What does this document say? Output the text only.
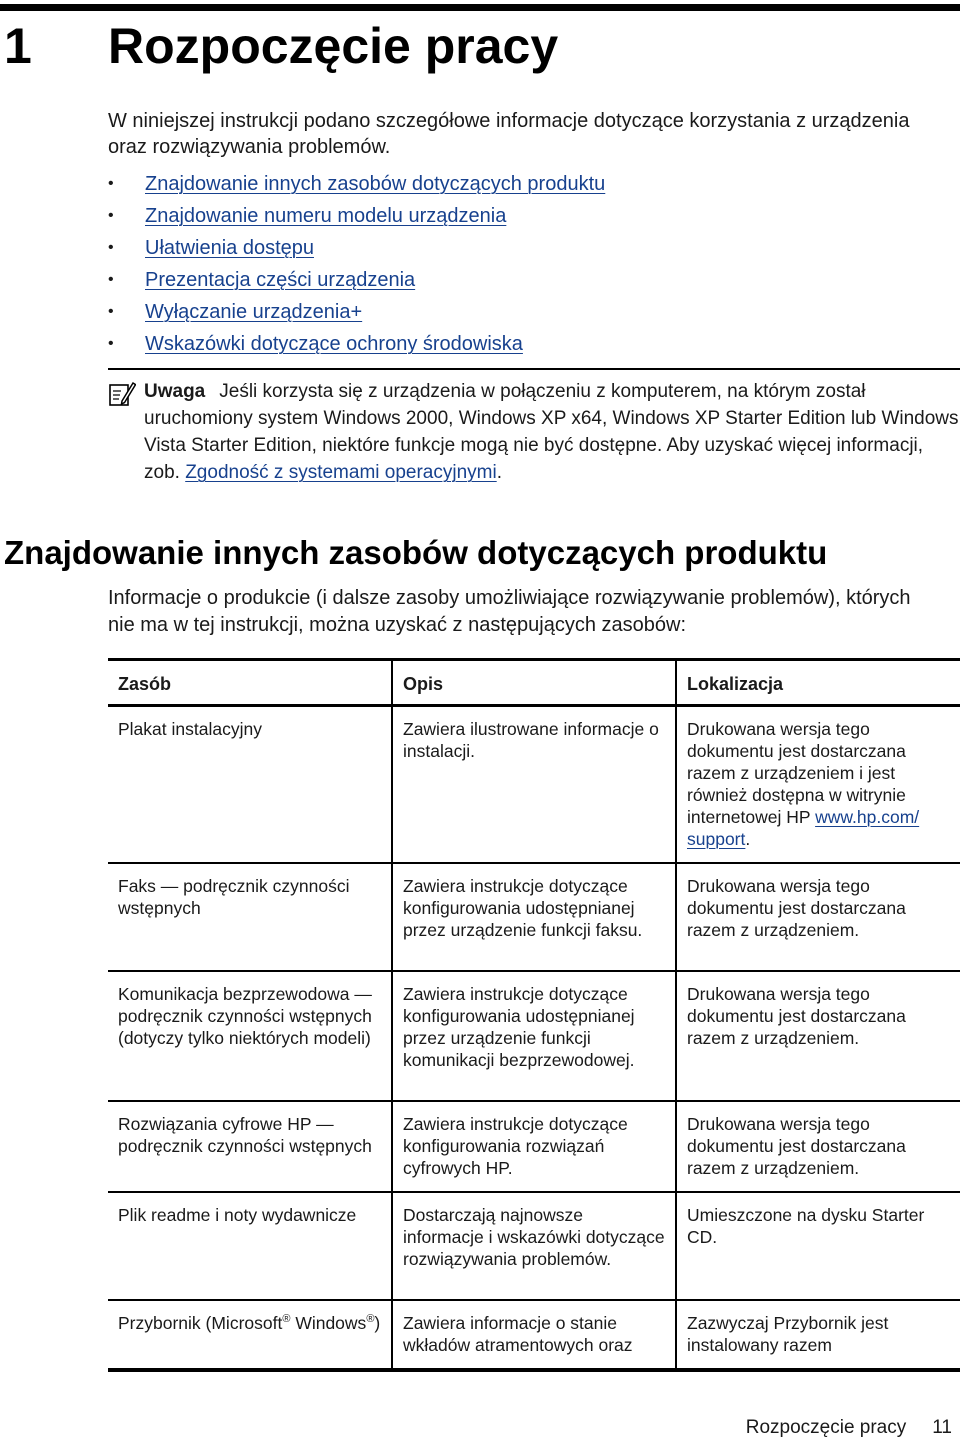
1 Rozpoczęcie pracy

W niniejszej instrukcji podano szczegółowe informacje dotyczące korzystania z urządzenia oraz rozwiązywania problemów.

• Znajdowanie innych zasobów dotyczących produktu
• Znajdowanie numeru modelu urządzenia
• Ułatwienia dostępu
• Prezentacja części urządzenia
• Wyłączanie urządzenia+
• Wskazówki dotyczące ochrony środowiska

Uwaga Jeśli korzysta się z urządzenia w połączeniu z komputerem, na którym został uruchomiony system Windows 2000, Windows XP x64, Windows XP Starter Edition lub Windows Vista Starter Edition, niektóre funkcje mogą nie być dostępne. Aby uzyskać więcej informacji, zob. Zgodność z systemami operacyjnymi.

Znajdowanie innych zasobów dotyczących produktu

Informacje o produkcie (i dalsze zasoby umożliwiające rozwiązywanie problemów), których nie ma w tej instrukcji, można uzyskać z następujących zasobów:

Zasób	Opis	Lokalizacja
Plakat instalacyjny	Zawiera ilustrowane informacje o instalacji.	Drukowana wersja tego dokumentu jest dostarczana razem z urządzeniem i jest również dostępna w witrynie internetowej HP www.hp.com/ support.
Faks — podręcznik czynności wstępnych	Zawiera instrukcje dotyczące konfigurowania udostępnianej przez urządzenie funkcji faksu.	Drukowana wersja tego dokumentu jest dostarczana razem z urządzeniem.
Komunikacja bezprzewodowa — podręcznik czynności wstępnych (dotyczy tylko niektórych modeli)	Zawiera instrukcje dotyczące konfigurowania udostępnianej przez urządzenie funkcji komunikacji bezprzewodowej.	Drukowana wersja tego dokumentu jest dostarczana razem z urządzeniem.
Rozwiązania cyfrowe HP — podręcznik czynności wstępnych	Zawiera instrukcje dotyczące konfigurowania rozwiązań cyfrowych HP.	Drukowana wersja tego dokumentu jest dostarczana razem z urządzeniem.
Plik readme i noty wydawnicze	Dostarczają najnowsze informacje i wskazówki dotyczące rozwiązywania problemów.	Umieszczone na dysku Starter CD.
Przybornik (Microsoft® Windows®)	Zawiera informacje o stanie wkładów atramentowych oraz	Zazwyczaj Przybornik jest instalowany razem
Rozpoczęcie pracy 11
